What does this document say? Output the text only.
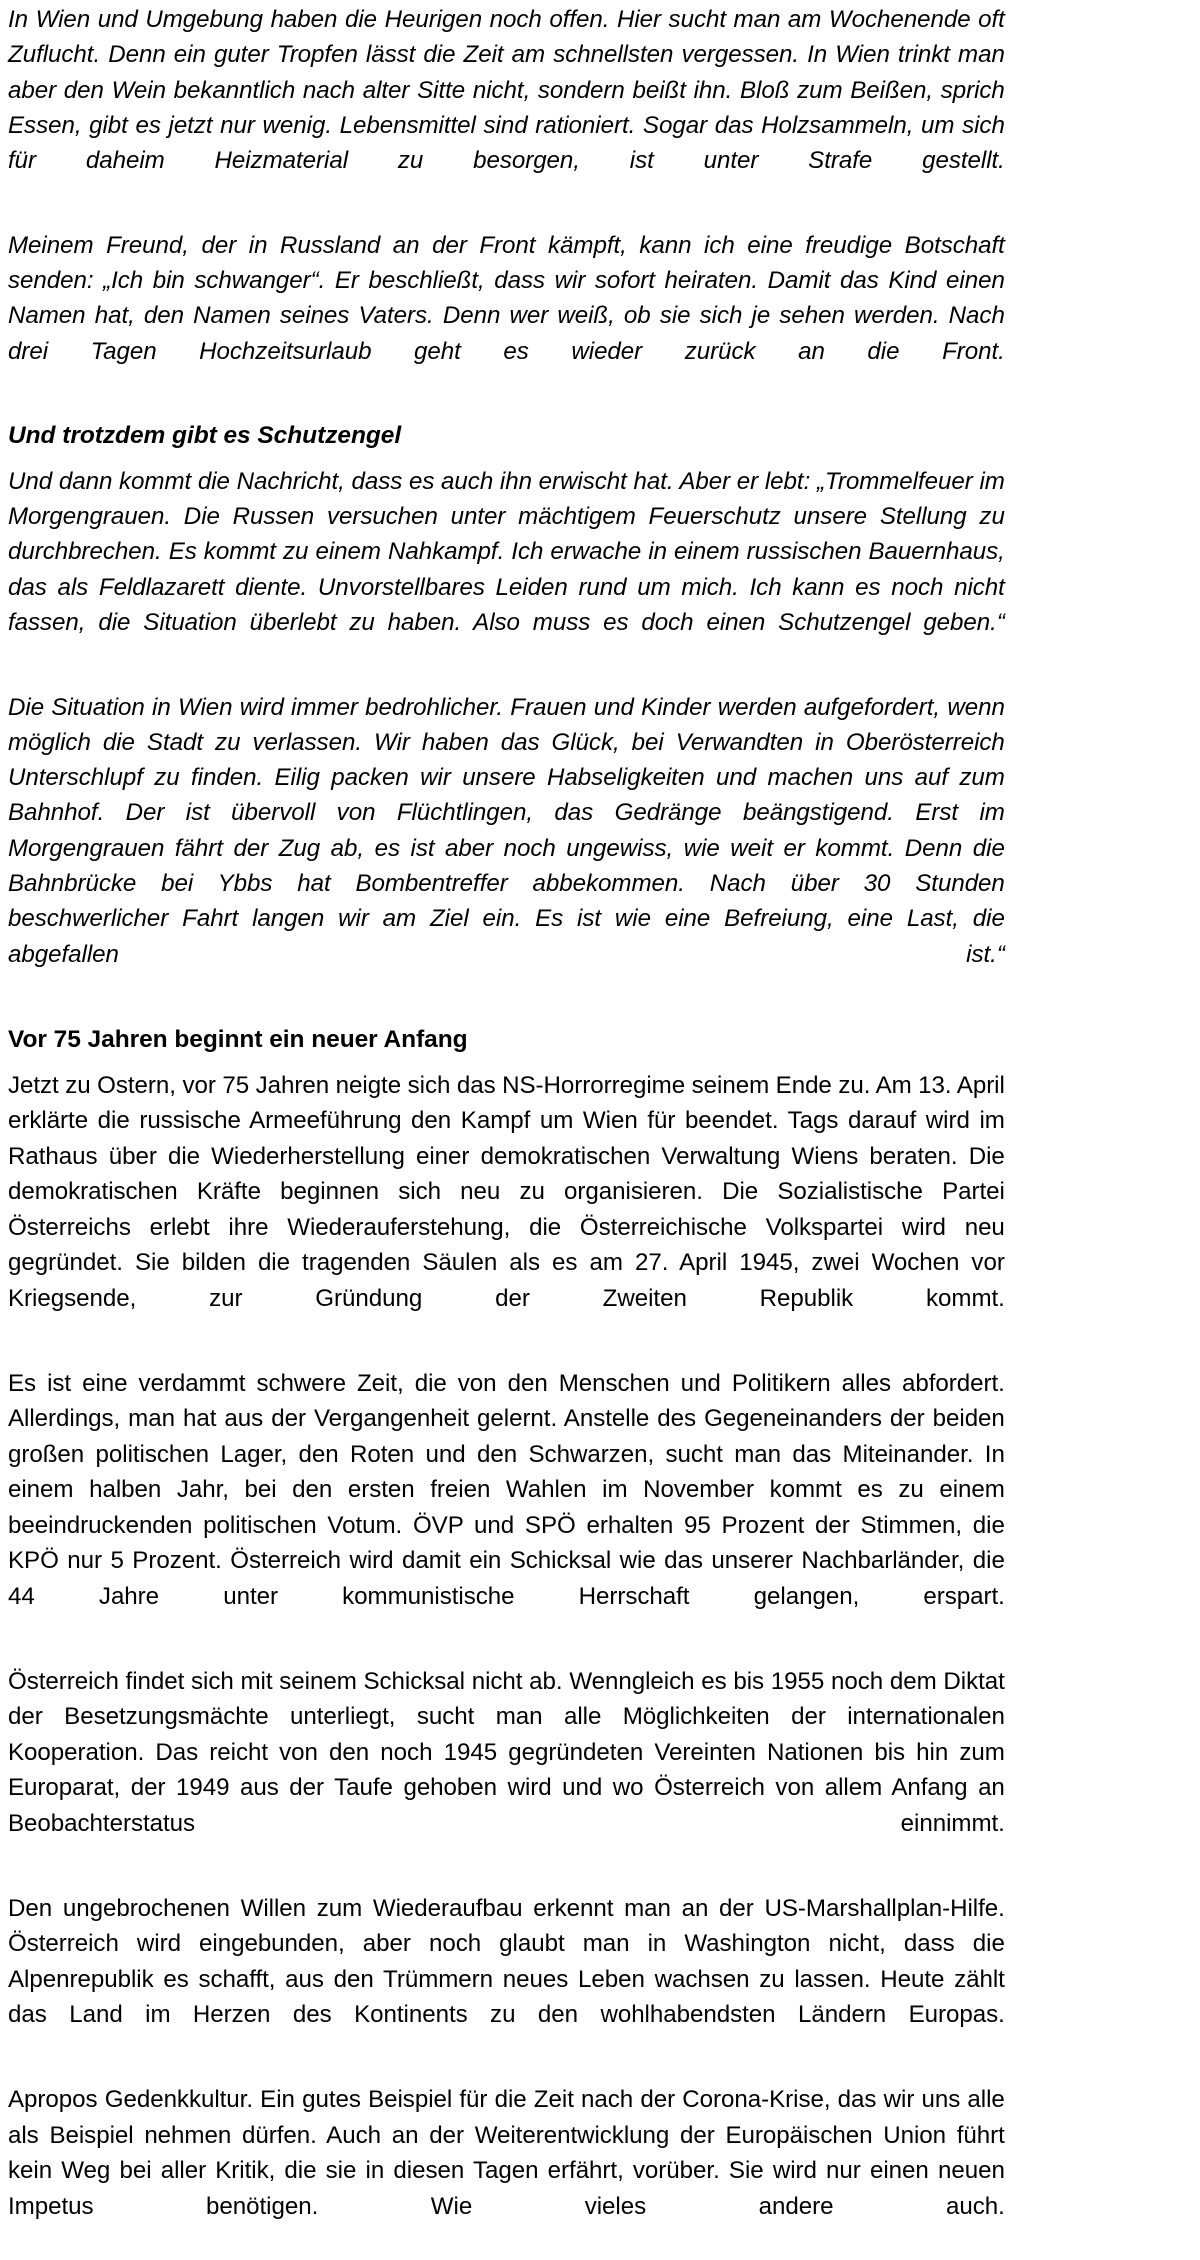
In Wien und Umgebung haben die Heurigen noch offen. Hier sucht man am Wochenende oft Zuflucht. Denn ein guter Tropfen lässt die Zeit am schnellsten vergessen. In Wien trinkt man aber den Wein bekanntlich nach alter Sitte nicht, sondern beißt ihn. Bloß zum Beißen, sprich Essen, gibt es jetzt nur wenig. Lebensmittel sind rationiert. Sogar das Holzsammeln, um sich für daheim Heizmaterial zu besorgen, ist unter Strafe gestellt.

Meinem Freund, der in Russland an der Front kämpft, kann ich eine freudige Botschaft senden: „Ich bin schwanger“. Er beschließt, dass wir sofort heiraten. Damit das Kind einen Namen hat, den Namen seines Vaters. Denn wer weiß, ob sie sich je sehen werden. Nach drei Tagen Hochzeitsurlaub geht es wieder zurück an die Front.

Und trotzdem gibt es Schutzengel

Und dann kommt die Nachricht, dass es auch ihn erwischt hat. Aber er lebt: „Trommelfeuer im Morgengrauen. Die Russen versuchen unter mächtigem Feuerschutz unsere Stellung zu durchbrechen. Es kommt zu einem Nahkampf. Ich erwache in einem russischen Bauernhaus, das als Feldlazarett diente. Unvorstellbares Leiden rund um mich. Ich kann es noch nicht fassen, die Situation überlebt zu haben. Also muss es doch einen Schutzengel geben.“

Die Situation in Wien wird immer bedrohlicher. Frauen und Kinder werden aufgefordert, wenn möglich die Stadt zu verlassen. Wir haben das Glück, bei Verwandten in Oberösterreich Unterschlupf zu finden. Eilig packen wir unsere Habseligkeiten und machen uns auf zum Bahnhof. Der ist übervoll von Flüchtlingen, das Gedränge beängstigend. Erst im Morgengrauen fährt der Zug ab, es ist aber noch ungewiss, wie weit er kommt. Denn die Bahnbrücke bei Ybbs hat Bombentreffer abbekommen. Nach über 30 Stunden beschwerlicher Fahrt langen wir am Ziel ein. Es ist wie eine Befreiung, eine Last, die abgefallen ist.“

Vor 75 Jahren beginnt ein neuer Anfang

Jetzt zu Ostern, vor 75 Jahren neigte sich das NS-Horrorregime seinem Ende zu. Am 13. April erklärte die russische Armeeführung den Kampf um Wien für beendet. Tags darauf wird im Rathaus über die Wiederherstellung einer demokratischen Verwaltung Wiens beraten. Die demokratischen Kräfte beginnen sich neu zu organisieren. Die Sozialistische Partei Österreichs erlebt ihre Wiederauferstehung, die Österreichische Volkspartei wird neu gegründet. Sie bilden die tragenden Säulen als es am 27. April 1945, zwei Wochen vor Kriegsende, zur Gründung der Zweiten Republik kommt.

Es ist eine verdammt schwere Zeit, die von den Menschen und Politikern alles abfordert. Allerdings, man hat aus der Vergangenheit gelernt. Anstelle des Gegeneinanders der beiden großen politischen Lager, den Roten und den Schwarzen, sucht man das Miteinander. In einem halben Jahr, bei den ersten freien Wahlen im November kommt es zu einem beeindruckenden politischen Votum. ÖVP und SPÖ erhalten 95 Prozent der Stimmen, die KPÖ nur 5 Prozent. Österreich wird damit ein Schicksal wie das unserer Nachbarländer, die 44 Jahre unter kommunistische Herrschaft gelangen, erspart.

Österreich findet sich mit seinem Schicksal nicht ab. Wenngleich es bis 1955 noch dem Diktat der Besetzungsmächte unterliegt, sucht man alle Möglichkeiten der internationalen Kooperation. Das reicht von den noch 1945 gegründeten Vereinten Nationen bis hin zum Europarat, der 1949 aus der Taufe gehoben wird und wo Österreich von allem Anfang an Beobachterstatus einnimmt.

Den ungebrochenen Willen zum Wiederaufbau erkennt man an der US-Marshallplan-Hilfe. Österreich wird eingebunden, aber noch glaubt man in Washington nicht, dass die Alpenrepublik es schafft, aus den Trümmern neues Leben wachsen zu lassen. Heute zählt das Land im Herzen des Kontinents zu den wohlhabendsten Ländern Europas.

Apropos Gedenkkultur. Ein gutes Beispiel für die Zeit nach der Corona-Krise, das wir uns alle als Beispiel nehmen dürfen. Auch an der Weiterentwicklung der Europäischen Union führt kein Weg bei aller Kritik, die sie in diesen Tagen erfährt, vorüber. Sie wird nur einen neuen Impetus benötigen. Wie vieles andere auch.
